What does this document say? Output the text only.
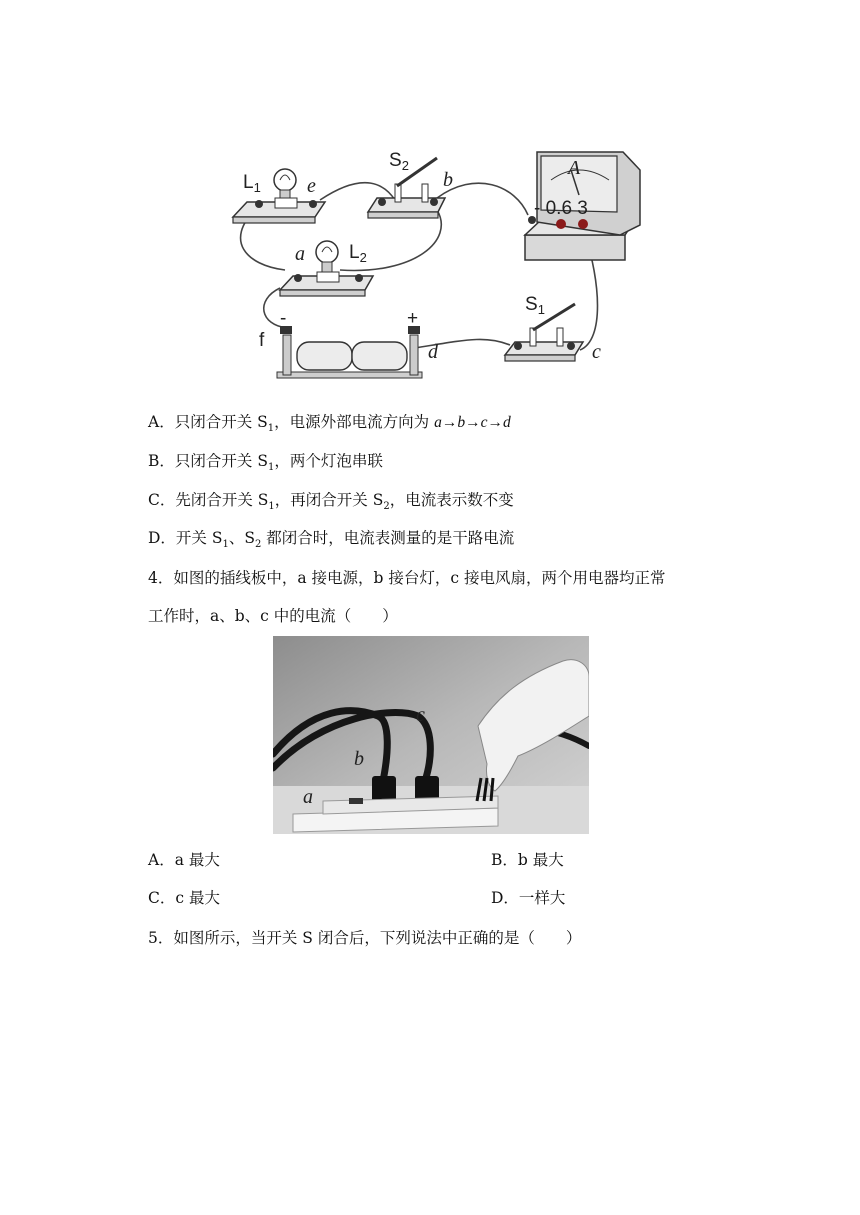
$L_1$ e
$S_2$
b
A
- 0.6 3
a $L_2$
f
-	+
d
$S_1$
c
A．只闭合开关 $S_1$，电源外部电流方向为 a→b→c→d
B．只闭合开关 $S_1$，两个灯泡串联
C．先闭合开关 $S_1$，再闭合开关 $S_2$，电流表示数不变
D．开关 $S_1$、$S_2$ 都闭合时，电流表测量的是干路电流
4．如图的插线板中，a 接电源，b 接台灯，c 接电风扇，两个用电器均正常
工作时，a、b、c 中的电流（　　）
a
b
c
A．a 最大	B．b 最大
C．c 最大	D．一样大
5．如图所示，当开关 S 闭合后，下列说法中正确的是（　　）
